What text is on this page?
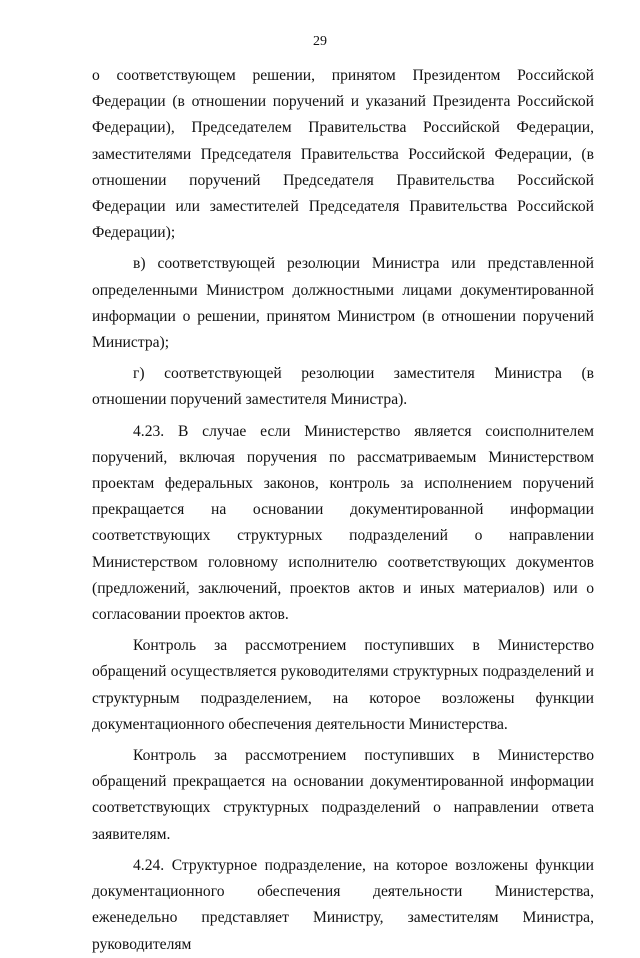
29

о соответствующем решении, принятом Президентом Российской Федерации (в отношении поручений и указаний Президента Российской Федерации), Председателем Правительства Российской Федерации, заместителями Председателя Правительства Российской Федерации, (в отношении поручений Председателя Правительства Российской Федерации или заместителей Председателя Правительства Российской Федерации);

в) соответствующей резолюции Министра или представленной определенными Министром должностными лицами документированной информации о решении, принятом Министром (в отношении поручений Министра);

г) соответствующей резолюции заместителя Министра (в отношении поручений заместителя Министра).

4.23. В случае если Министерство является соисполнителем поручений, включая поручения по рассматриваемым Министерством проектам федеральных законов, контроль за исполнением поручений прекращается на основании документированной информации соответствующих структурных подразделений о направлении Министерством головному исполнителю соответствующих документов (предложений, заключений, проектов актов и иных материалов) или о согласовании проектов актов.

Контроль за рассмотрением поступивших в Министерство обращений осуществляется руководителями структурных подразделений и структурным подразделением, на которое возложены функции документационного обеспечения деятельности Министерства.

Контроль за рассмотрением поступивших в Министерство обращений прекращается на основании документированной информации соответствующих структурных подразделений о направлении ответа заявителям.

4.24. Структурное подразделение, на которое возложены функции документационного обеспечения деятельности Министерства, еженедельно представляет Министру, заместителям Министра, руководителям
